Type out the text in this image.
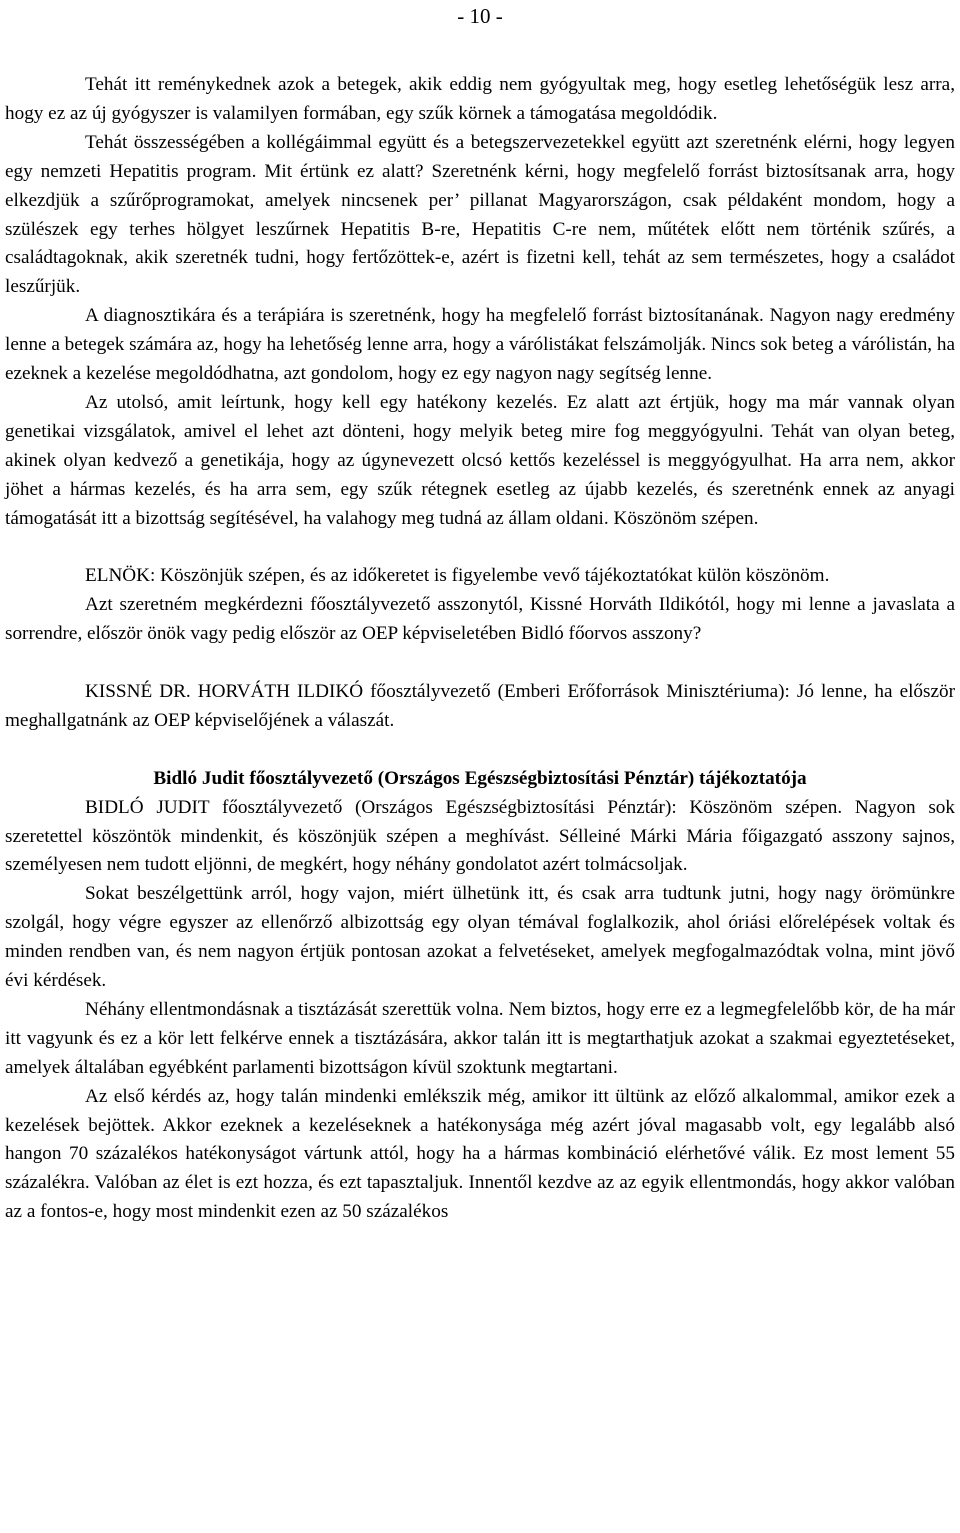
- 10 -

Tehát itt reménykednek azok a betegek, akik eddig nem gyógyultak meg, hogy esetleg lehetőségük lesz arra, hogy ez az új gyógyszer is valamilyen formában, egy szűk körnek a támogatása megoldódik.

Tehát összességében a kollégáimmal együtt és a betegszervezetekkel együtt azt szeretnénk elérni, hogy legyen egy nemzeti Hepatitis program. Mit értünk ez alatt? Szeretnénk kérni, hogy megfelelő forrást biztosítsanak arra, hogy elkezdjük a szűrőprogramokat, amelyek nincsenek per’ pillanat Magyarországon, csak példaként mondom, hogy a szülészek egy terhes hölgyet leszűrnek Hepatitis B-re, Hepatitis C-re nem, műtétek előtt nem történik szűrés, a családtagoknak, akik szeretnék tudni, hogy fertőzöttek-e, azért is fizetni kell, tehát az sem természetes, hogy a családot leszűrjük.

A diagnosztikára és a terápiára is szeretnénk, hogy ha megfelelő forrást biztosítanának. Nagyon nagy eredmény lenne a betegek számára az, hogy ha lehetőség lenne arra, hogy a várólistákat felszámolják. Nincs sok beteg a várólistán, ha ezeknek a kezelése megoldódhatna, azt gondolom, hogy ez egy nagyon nagy segítség lenne.

Az utolsó, amit leírtunk, hogy kell egy hatékony kezelés. Ez alatt azt értjük, hogy ma már vannak olyan genetikai vizsgálatok, amivel el lehet azt dönteni, hogy melyik beteg mire fog meggyógyulni. Tehát van olyan beteg, akinek olyan kedvező a genetikája, hogy az úgynevezett olcsó kettős kezeléssel is meggyógyulhat. Ha arra nem, akkor jöhet a hármas kezelés, és ha arra sem, egy szűk rétegnek esetleg az újabb kezelés, és szeretnénk ennek az anyagi támogatását itt a bizottság segítésével, ha valahogy meg tudná az állam oldani. Köszönöm szépen.

ELNÖK: Köszönjük szépen, és az időkeretet is figyelembe vevő tájékoztatókat külön köszönöm.

Azt szeretném megkérdezni főosztályvezető asszonytól, Kissné Horváth Ildikótól, hogy mi lenne a javaslata a sorrendre, először önök vagy pedig először az OEP képviseletében Bidló főorvos asszony?

KISSNÉ DR. HORVÁTH ILDIKÓ főosztályvezető (Emberi Erőforrások Minisztériuma): Jó lenne, ha először meghallgatnánk az OEP képviselőjének a válaszát.

Bidló Judit főosztályvezető (Országos Egészségbiztosítási Pénztár) tájékoztatója

BIDLÓ JUDIT főosztályvezető (Országos Egészségbiztosítási Pénztár): Köszönöm szépen. Nagyon sok szeretettel köszöntök mindenkit, és köszönjük szépen a meghívást. Sélleiné Márki Mária főigazgató asszony sajnos, személyesen nem tudott eljönni, de megkért, hogy néhány gondolatot azért tolmácsoljak.

Sokat beszélgettünk arról, hogy vajon, miért ülhetünk itt, és csak arra tudtunk jutni, hogy nagy örömünkre szolgál, hogy végre egyszer az ellenőrző albizottság egy olyan témával foglalkozik, ahol óriási előrelépések voltak és minden rendben van, és nem nagyon értjük pontosan azokat a felvetéseket, amelyek megfogalmazódtak volna, mint jövő évi kérdések.

Néhány ellentmondásnak a tisztázását szerettük volna. Nem biztos, hogy erre ez a legmegfelelőbb kör, de ha már itt vagyunk és ez a kör lett felkérve ennek a tisztázására, akkor talán itt is megtarthatjuk azokat a szakmai egyeztetéseket, amelyek általában egyébként parlamenti bizottságon kívül szoktunk megtartani.

Az első kérdés az, hogy talán mindenki emlékszik még, amikor itt ültünk az előző alkalommal, amikor ezek a kezelések bejöttek. Akkor ezeknek a kezeléseknek a hatékonysága még azért jóval magasabb volt, egy legalább alsó hangon 70 százalékos hatékonyságot vártunk attól, hogy ha a hármas kombináció elérhetővé válik. Ez most lement 55 százalékra. Valóban az élet is ezt hozza, és ezt tapasztaljuk. Innentől kezdve az az egyik ellentmondás, hogy akkor valóban az a fontos-e, hogy most mindenkit ezen az 50 százalékos
